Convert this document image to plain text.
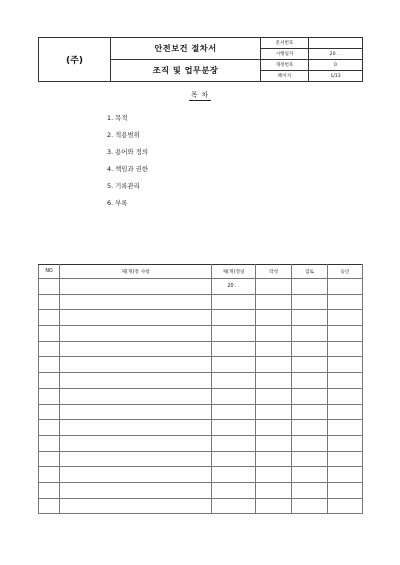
(주)	안전보건 절차서	문서번호	
		시행일자	20 . .
	조직 및 업무분장	개정번호	0
		페이지	1/13
목 차
1. 목적
2. 적용범위
3. 용어와 정의
4. 책임과 권한
5. 기록관리
6. 부록
NO	제(개)정 사항	제(개)정일	작성	검토	승인
		20 . .			
